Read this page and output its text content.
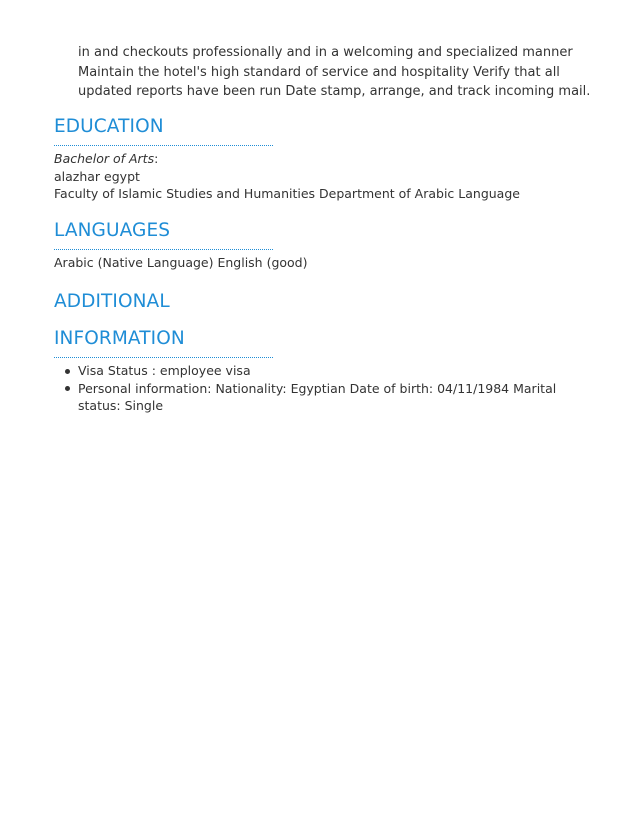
in and checkouts professionally and in a welcoming and specialized manner Maintain the hotel's high standard of service and hospitality Verify that all updated reports have been run Date stamp, arrange, and track incoming mail.

EDUCATION

Bachelor of Arts:

alazhar egypt

Faculty of Islamic Studies and Humanities Department of Arabic Language

LANGUAGES

Arabic (Native Language) English (good)

ADDITIONAL
INFORMATION
Visa Status : employee visa
Personal information: Nationality: Egyptian Date of birth: 04/11/1984 Marital status: Single
